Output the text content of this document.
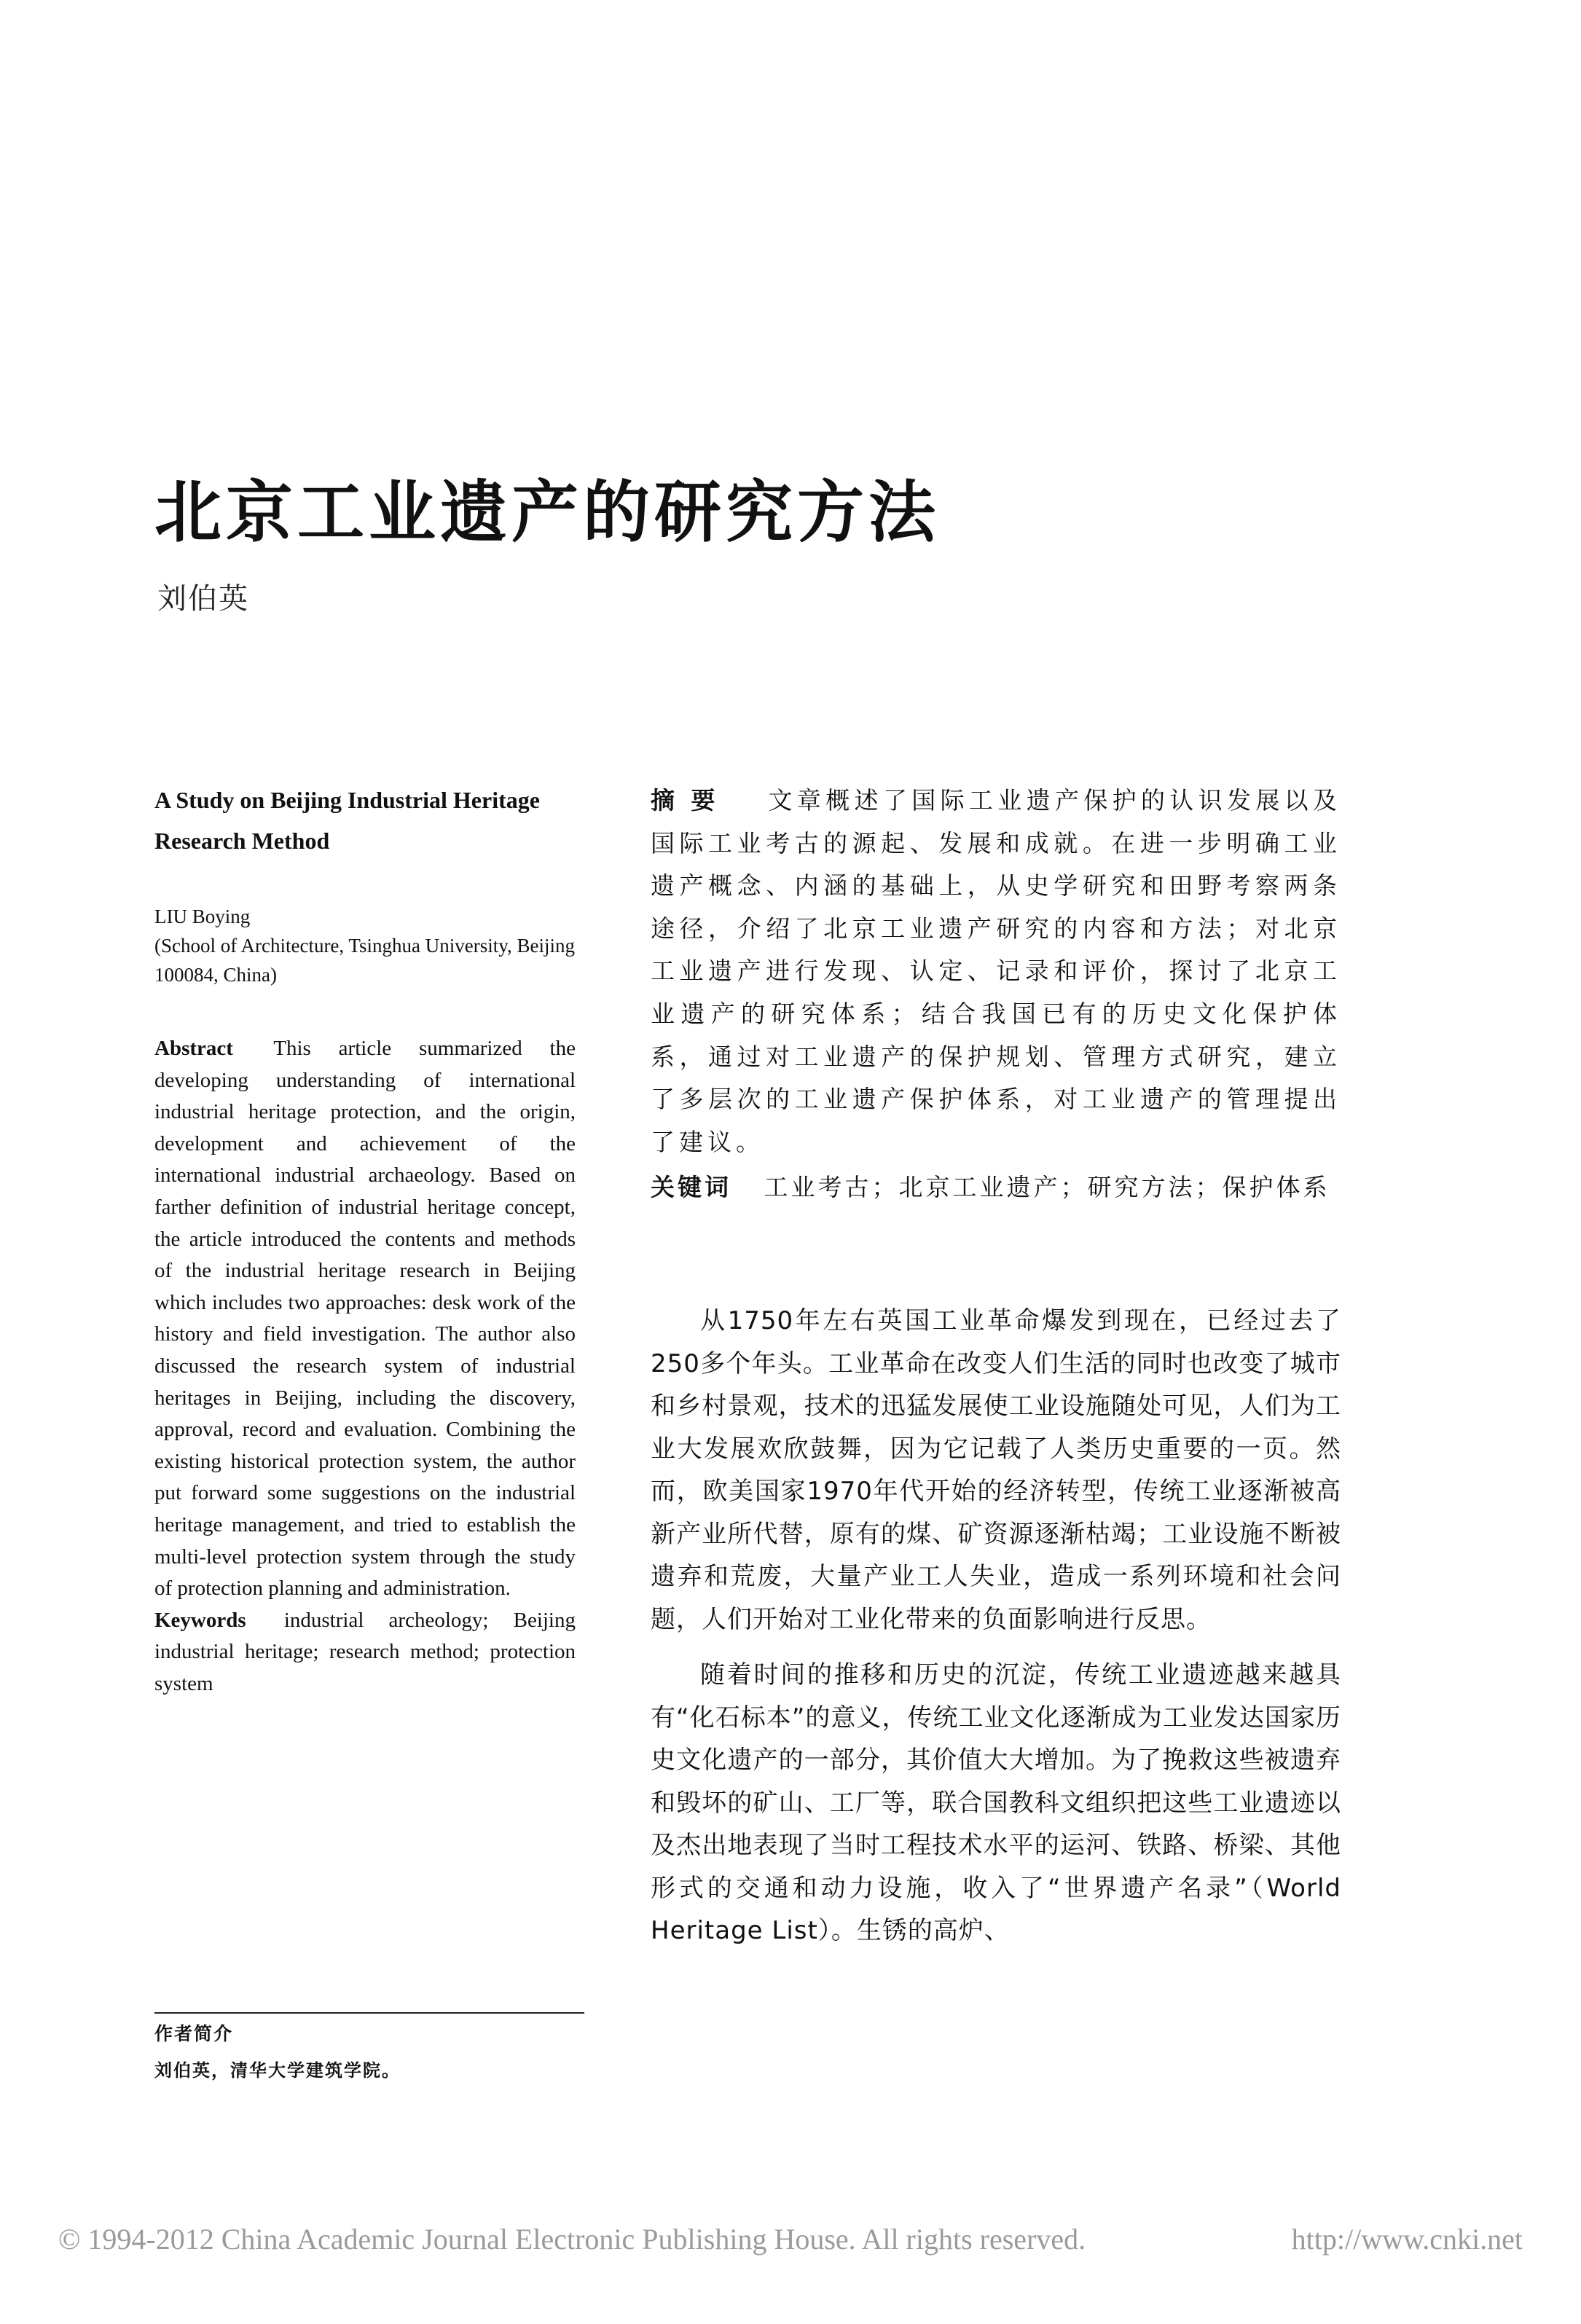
北京工业遗产的研究方法
刘伯英
A Study on Beijing Industrial Heritage Research Method
LIU Boying
(School of Architecture, Tsinghua University, Beijing 100084, China)
Abstract This article summarized the developing understanding of international industrial heritage protection, and the origin, development and achievement of the international industrial archaeology. Based on farther definition of industrial heritage concept, the article introduced the contents and methods of the industrial heritage research in Beijing which includes two approaches: desk work of the history and field investigation. The author also discussed the research system of industrial heritages in Beijing, including the discovery, approval, record and evaluation. Combining the existing historical protection system, the author put forward some suggestions on the industrial heritage management, and tried to establish the multi-level protection system through the study of protection planning and administration.
Keywords industrial archeology; Beijing industrial heritage; research method; protection system
摘要 文章概述了国际工业遗产保护的认识发展以及国际工业考古的源起、发展和成就。在进一步明确工业遗产概念、内涵的基础上，从史学研究和田野考察两条途径，介绍了北京工业遗产研究的内容和方法；对北京工业遗产进行发现、认定、记录和评价，探讨了北京工业遗产的研究体系；结合我国已有的历史文化保护体系，通过对工业遗产的保护规划、管理方式研究，建立了多层次的工业遗产保护体系，对工业遗产的管理提出了建议。
关键词 工业考古；北京工业遗产；研究方法；保护体系

从1750年左右英国工业革命爆发到现在，已经过去了250多个年头。工业革命在改变人们生活的同时也改变了城市和乡村景观，技术的迅猛发展使工业设施随处可见，人们为工业大发展欢欣鼓舞，因为它记载了人类历史重要的一页。然而，欧美国家1970年代开始的经济转型，传统工业逐渐被高新产业所代替，原有的煤、矿资源逐渐枯竭；工业设施不断被遗弃和荒废，大量产业工人失业，造成一系列环境和社会问题，人们开始对工业化带来的负面影响进行反思。

随着时间的推移和历史的沉淀，传统工业遗迹越来越具有“化石标本”的意义，传统工业文化逐渐成为工业发达国家历史文化遗产的一部分，其价值大大增加。为了挽救这些被遗弃和毁坏的矿山、工厂等，联合国教科文组织把这些工业遗迹以及杰出地表现了当时工程技术水平的运河、铁路、桥梁、其他形式的交通和动力设施，收入了“世界遗产名录”（World Heritage List）。生锈的高炉、

作者简介
刘伯英，清华大学建筑学院。
© 1994-2012 China Academic Journal Electronic Publishing House. All rights reserved.	http://www.cnki.net
